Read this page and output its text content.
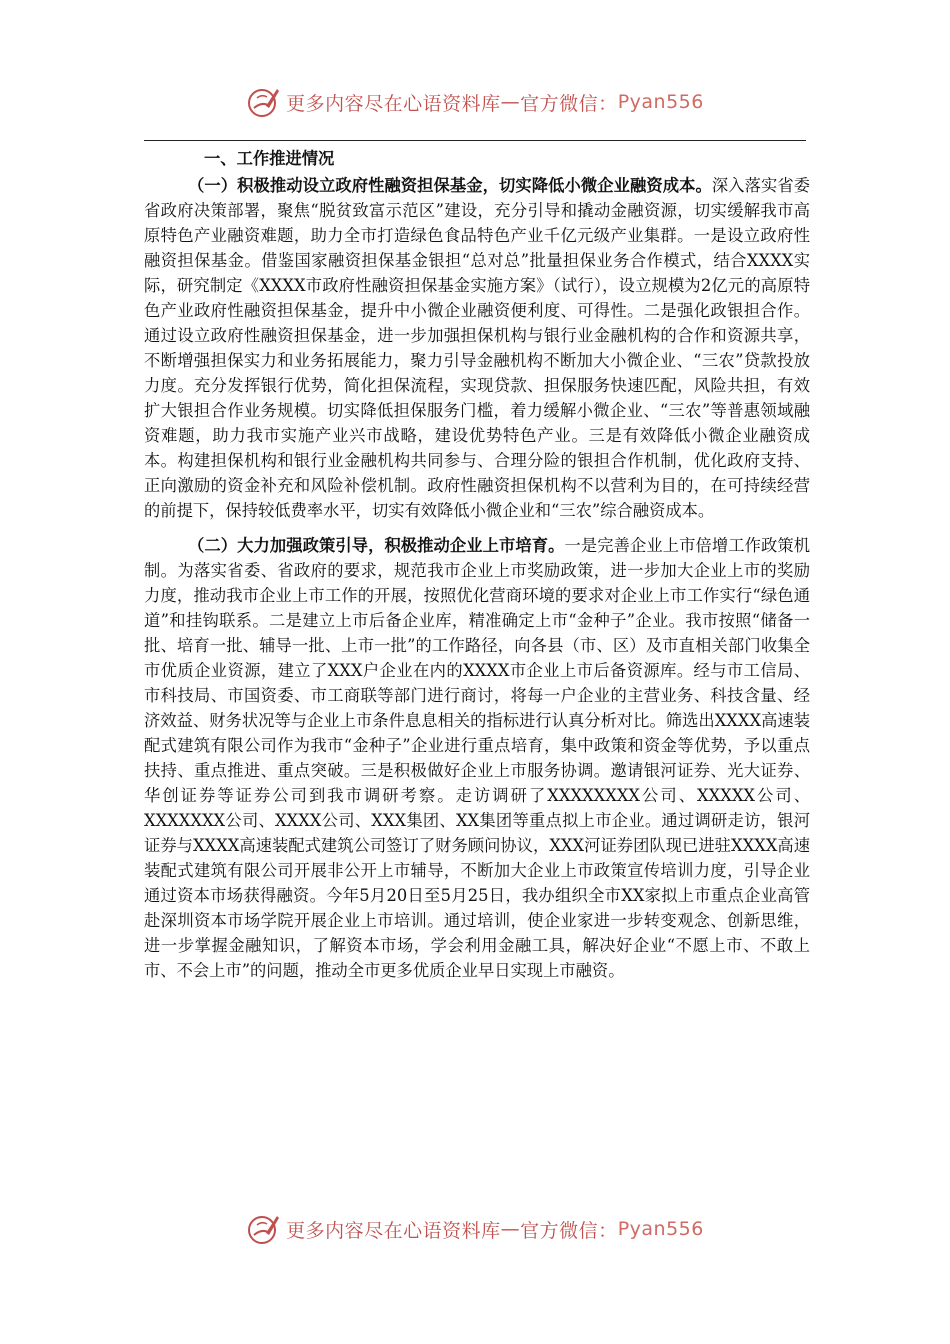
更多内容尽在心语资料库 — 官方微信： Pyan556
一、工作推进情况

（一）积极推动设立政府性融资担保基金，切实降低小微企业融资成本。深入落实省委省政府决策部署，聚焦“脱贫致富示范区”建设，充分引导和撬动金融资源，切实缓解我市高原特色产业融资难题，助力全市打造绿色食品特色产业千亿元级产业集群。一是设立政府性融资担保基金。借鉴国家融资担保基金银担“总对总”批量担保业务合作模式，结合XXXX实际，研究制定《XXXX市政府性融资担保基金实施方案》（试行），设立规模为2亿元的高原特色产业政府性融资担保基金，提升中小微企业融资便利度、可得性。二是强化政银担合作。通过设立政府性融资担保基金，进一步加强担保机构与银行业金融机构的合作和资源共享，不断增强担保实力和业务拓展能力，聚力引导金融机构不断加大小微企业、“三农”贷款投放力度。充分发挥银行优势，简化担保流程，实现贷款、担保服务快速匹配，风险共担，有效扩大银担合作业务规模。切实降低担保服务门槛，着力缓解小微企业、“三农”等普惠领域融资难题，助力我市实施产业兴市战略，建设优势特色产业。三是有效降低小微企业融资成本。构建担保机构和银行业金融机构共同参与、合理分险的银担合作机制，优化政府支持、正向激励的资金补充和风险补偿机制。政府性融资担保机构不以营利为目的，在可持续经营的前提下，保持较低费率水平，切实有效降低小微企业和“三农”综合融资成本。

（二）大力加强政策引导，积极推动企业上市培育。一是完善企业上市倍增工作政策机制。为落实省委、省政府的要求，规范我市企业上市奖励政策，进一步加大企业上市的奖励力度，推动我市企业上市工作的开展，按照优化营商环境的要求对企业上市工作实行“绿色通道”和挂钩联系。二是建立上市后备企业库，精准确定上市“金种子”企业。我市按照“储备一批、培育一批、辅导一批、上市一批”的工作路径，向各县（市、区）及市直相关部门收集全市优质企业资源，建立了XXX户企业在内的XXXX市企业上市后备资源库。经与市工信局、市科技局、市国资委、市工商联等部门进行商讨，将每一户企业的主营业务、科技含量、经济效益、财务状况等与企业上市条件息息相关的指标进行认真分析对比。筛选出XXXX高速装配式建筑有限公司作为我市“金种子”企业进行重点培育，集中政策和资金等优势，予以重点扶持、重点推进、重点突破。三是积极做好企业上市服务协调。邀请银河证券、光大证券、华创证券等证券公司到我市调研考察。走访调研了XXXXXXXX公司、XXXXX公司、XXXXXXX公司、XXXX公司、XXX集团、XX集团等重点拟上市企业。通过调研走访，银河证券与XXXX高速装配式建筑公司签订了财务顾问协议，XXX河证券团队现已进驻XXXX高速装配式建筑有限公司开展非公开上市辅导，不断加大企业上市政策宣传培训力度，引导企业通过资本市场获得融资。今年5月20日至5月25日，我办组织全市XX家拟上市重点企业高管赴深圳资本市场学院开展企业上市培训。通过培训，使企业家进一步转变观念、创新思维，进一步掌握金融知识，了解资本市场，学会利用金融工具，解决好企业“不愿上市、不敢上市、不会上市”的问题，推动全市更多优质企业早日实现上市融资。

更多内容尽在心语资料库 — 官方微信： Pyan556
